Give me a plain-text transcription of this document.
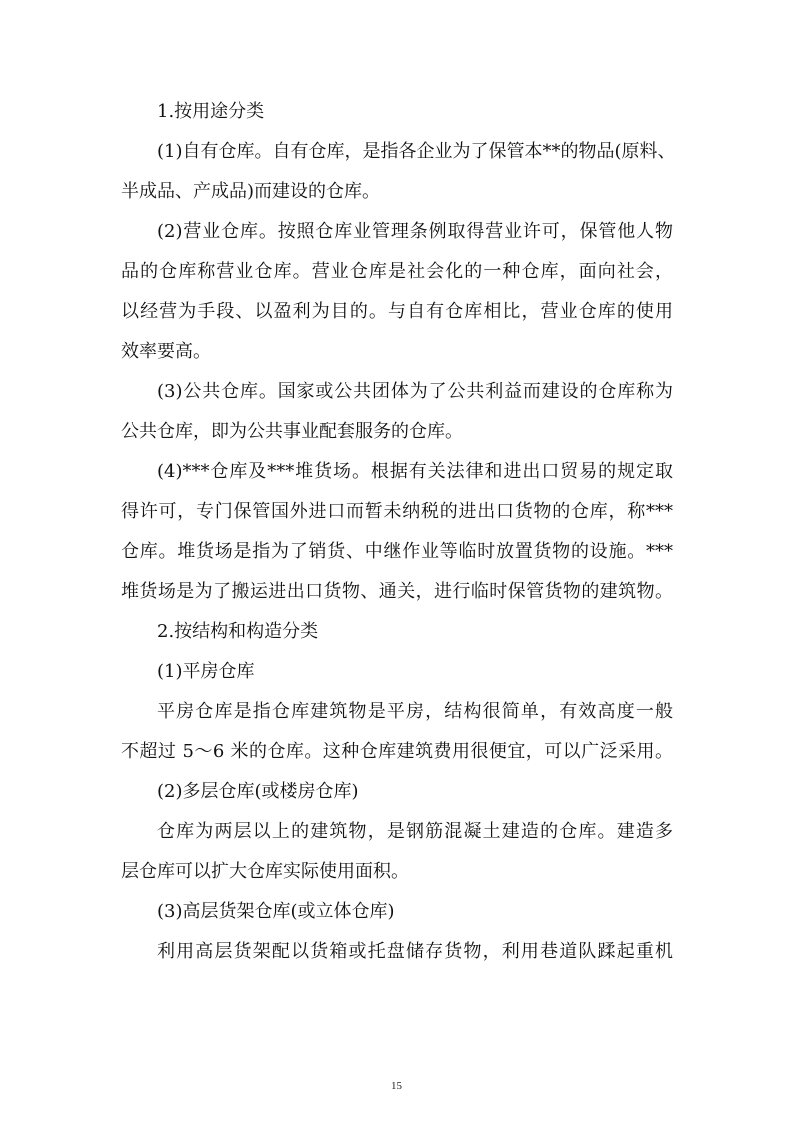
1.按用途分类
(1)自有仓库。自有仓库，是指各企业为了保管本**的物品(原料、
半成品、产成品)而建设的仓库。
(2)营业仓库。按照仓库业管理条例取得营业许可，保管他人物
品的仓库称营业仓库。营业仓库是社会化的一种仓库，面向社会，
以经营为手段、以盈利为目的。与自有仓库相比，营业仓库的使用
效率要高。
(3)公共仓库。国家或公共团体为了公共利益而建设的仓库称为
公共仓库，即为公共事业配套服务的仓库。
(4)***仓库及***堆货场。根据有关法律和进出口贸易的规定取
得许可，专门保管国外进口而暂未纳税的进出口货物的仓库，称***
仓库。堆货场是指为了销货、中继作业等临时放置货物的设施。***
堆货场是为了搬运进出口货物、通关，进行临时保管货物的建筑物。
2.按结构和构造分类
(1)平房仓库
平房仓库是指仓库建筑物是平房，结构很简单，有效高度一般
不超过 5～6 米的仓库。这种仓库建筑费用很便宜，可以广泛采用。
(2)多层仓库(或楼房仓库)
仓库为两层以上的建筑物，是钢筋混凝土建造的仓库。建造多
层仓库可以扩大仓库实际使用面积。
(3)高层货架仓库(或立体仓库)
利用高层货架配以货箱或托盘储存货物，利用巷道队蹂起重机
15
